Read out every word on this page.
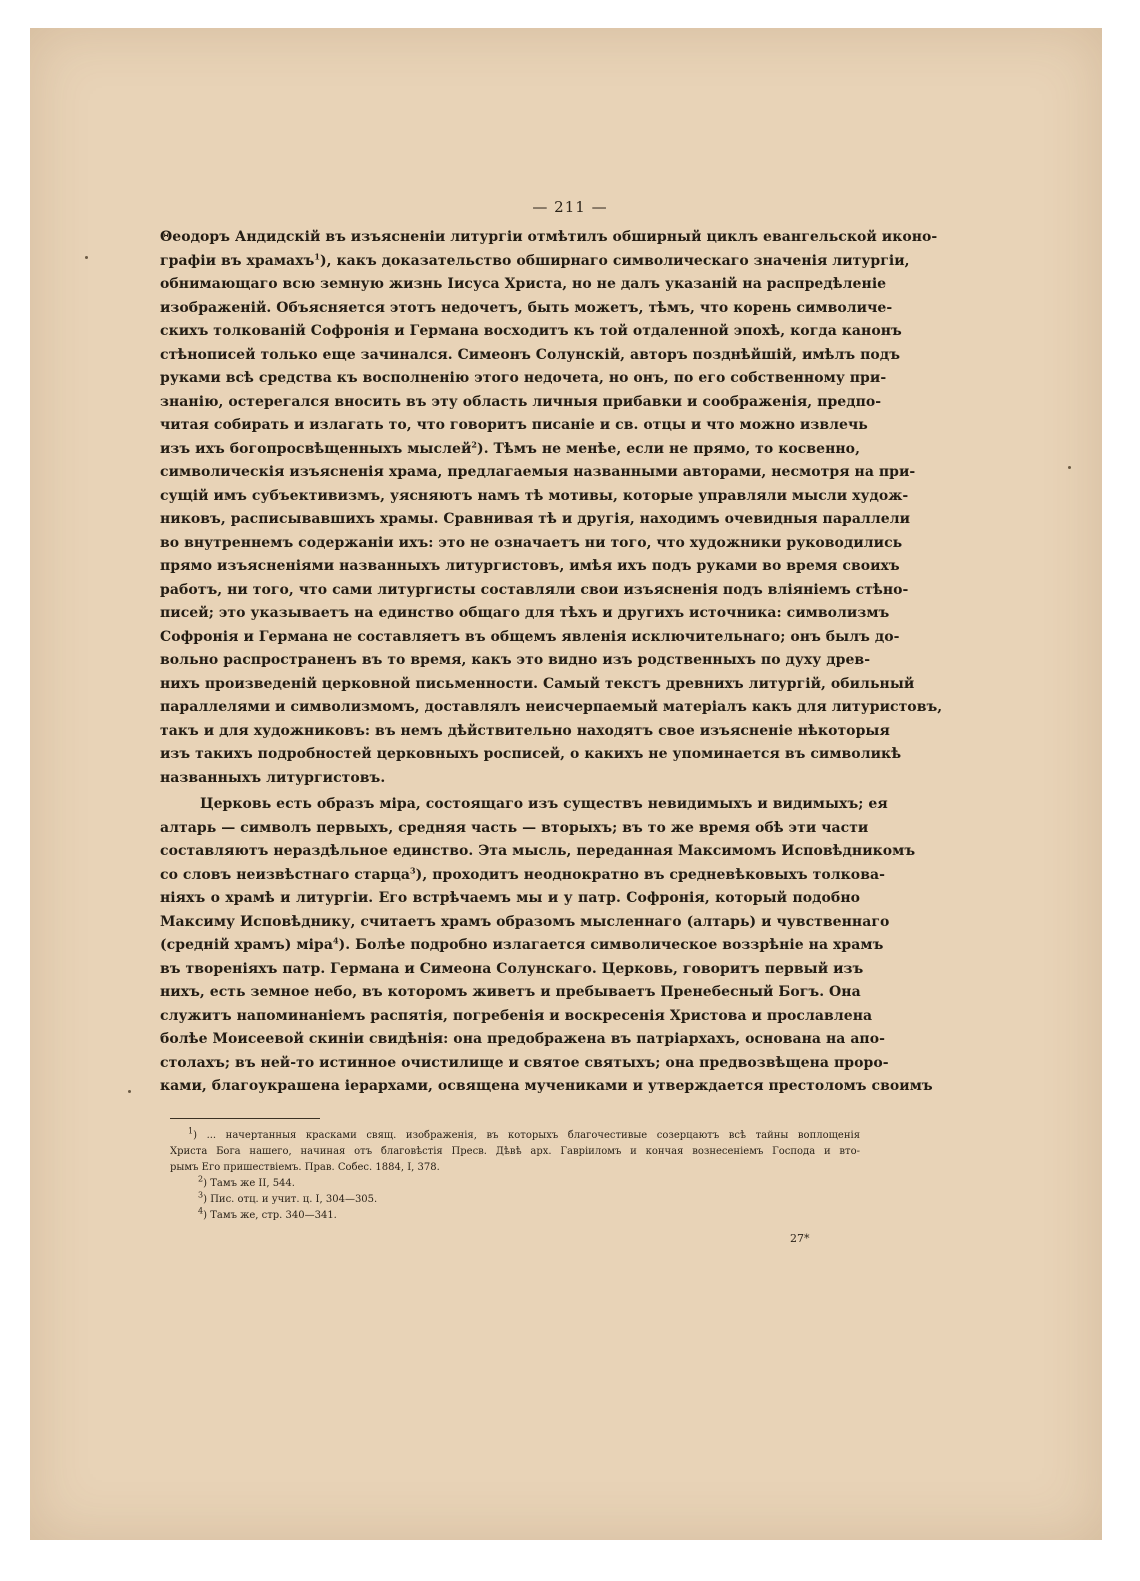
— 211 —
Θеодоръ Андидскій въ изъясненіи литургіи отмѣтилъ обширный циклъ евангельской иконо-
графіи въ храмахъ$^1$), какъ доказательство обширнаго символическаго значенія литургіи,
обнимающаго всю земную жизнь Іисуса Христа, но не далъ указаній на распредѣленіе
изображеній. Объясняется этотъ недочетъ, быть можетъ, тѣмъ, что корень символиче-
скихъ толкованій Софронія и Германа восходитъ къ той отдаленной эпохѣ, когда канонъ
стѣнописей только еще зачинался. Симеонъ Солунскій, авторъ позднѣйшій, имѣлъ подъ
руками всѣ средства къ восполненію этого недочета, но онъ, по его собственному при-
знанію, остерегался вносить въ эту область личныя прибавки и соображенія, предпо-
читая собирать и излагать то, что говоритъ писаніе и св. отцы и что можно извлечь
изъ ихъ богопросвѣщенныхъ мыслей$^2$). Тѣмъ не менѣе, если не прямо, то косвенно,
символическія изъясненія храма, предлагаемыя названными авторами, несмотря на при-
сущій имъ субъективизмъ, уясняютъ намъ тѣ мотивы, которые управляли мысли худож-
никовъ, расписывавшихъ храмы. Сравнивая тѣ и другія, находимъ очевидныя параллели
во внутреннемъ содержаніи ихъ: это не означаетъ ни того, что художники руководились
прямо изъясненіями названныхъ литургистовъ, имѣя ихъ подъ руками во время своихъ
работъ, ни того, что сами литургисты составляли свои изъясненія подъ вліяніемъ стѣно-
писей; это указываетъ на единство общаго для тѣхъ и другихъ источника: символизмъ
Софронія и Германа не составляетъ въ общемъ явленія исключительнаго; онъ былъ до-
вольно распространенъ въ то время, какъ это видно изъ родственныхъ по духу древ-
нихъ произведеній церковной письменности. Самый текстъ древнихъ литургій, обильный
параллелями и символизмомъ, доставлялъ неисчерпаемый матеріалъ какъ для литуристовъ,
такъ и для художниковъ: въ немъ дѣйствительно находятъ свое изъясненіе нѣкоторыя
изъ такихъ подробностей церковныхъ росписей, о какихъ не упоминается въ символикѣ
названныхъ литургистовъ.
Церковь есть образъ міра, состоящаго изъ существъ невидимыхъ и видимыхъ; ея
алтарь — символъ первыхъ, средняя часть — вторыхъ; въ то же время обѣ эти части
составляютъ нераздѣльное единство. Эта мысль, переданная Максимомъ Исповѣдникомъ
со словъ неизвѣстнаго старца$^3$), проходитъ неоднократно въ средневѣковыхъ толкова-
ніяхъ о храмѣ и литургіи. Его встрѣчаемъ мы и у патр. Софронія, который подобно
Максиму Исповѣднику, считаетъ храмъ образомъ мысленнаго (алтарь) и чувственнаго
(средній храмъ) міра$^4$). Болѣе подробно излагается символическое воззрѣніе на храмъ
въ твореніяхъ патр. Германа и Симеона Солунскаго. Церковь, говоритъ первый изъ
нихъ, есть земное небо, въ которомъ живетъ и пребываетъ Пренебесный Богъ. Она
служитъ напоминаніемъ распятія, погребенія и воскресенія Христова и прославлена
болѣе Моисеевой скиніи свидѣнія: она предображена въ патріархахъ, основана на апо-
столахъ; въ ней-то истинное очистилище и святое святыхъ; она предвозвѣщена проро-
ками, благоукрашена іерархами, освящена мучениками и утверждается престоломъ своимъ
$^1$) ... начертанныя красками свящ. изображенія, въ которыхъ благочестивые созерцаютъ всѣ тайны воплощенія
Христа Бога нашего, начиная отъ благовѣстія Пресв. Дѣвѣ арх. Гавріиломъ и кончая вознесеніемъ Господа и вто-
рымъ Его пришествіемъ. Прав. Собес. 1884, I, 378.
$^2$) Тамъ же II, 544.
$^3$) Пис. отц. и учит. ц. I, 304—305.
$^4$) Тамъ же, стр. 340—341.
27*
